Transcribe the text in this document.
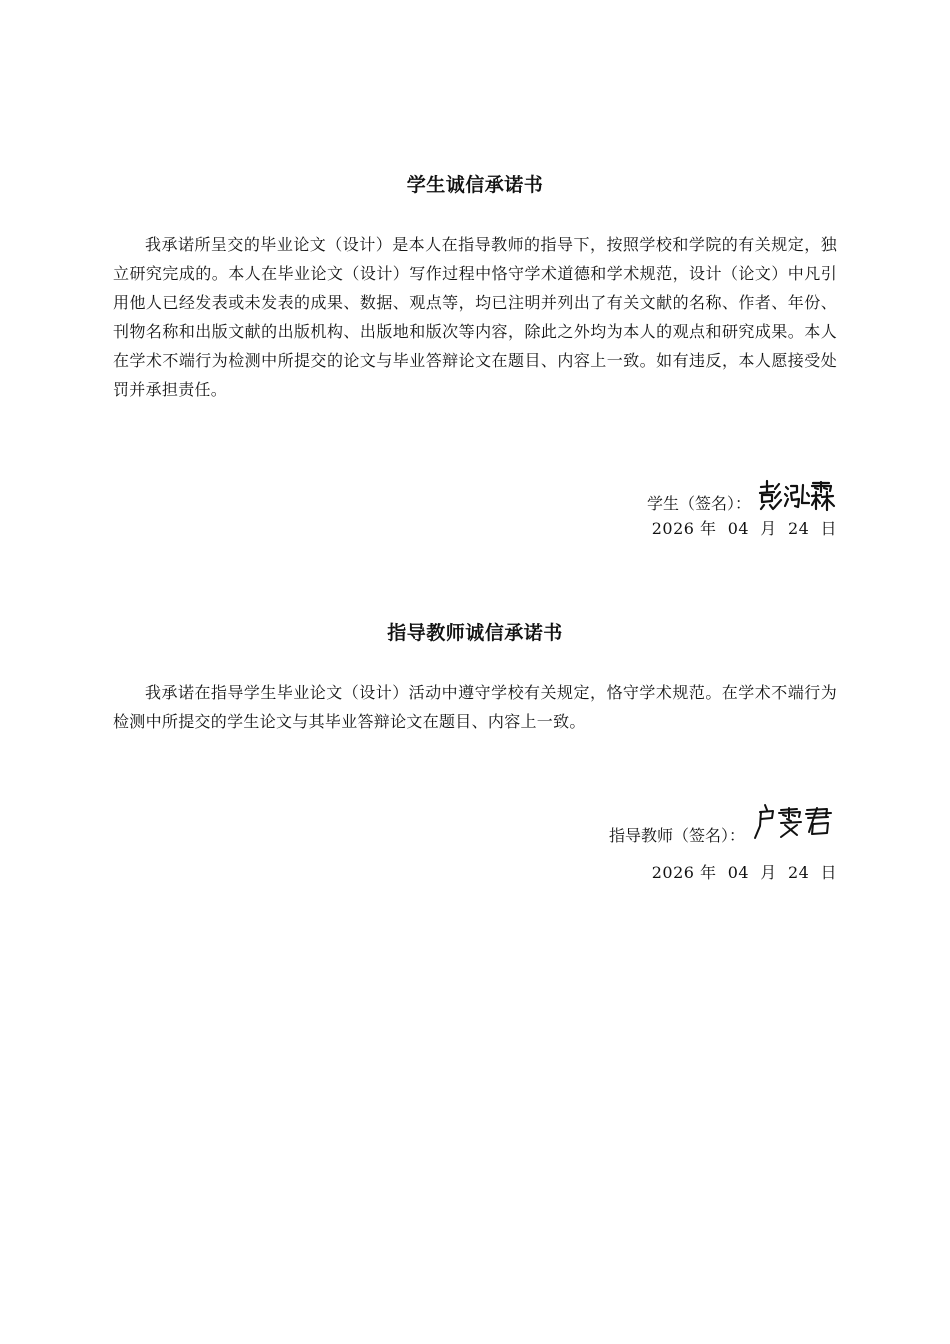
学生诚信承诺书
我承诺所呈交的毕业论文（设计）是本人在指导教师的指导下，按照学校和学院的有关规定，独立研究完成的。本人在毕业论文（设计）写作过程中恪守学术道德和学术规范，设计（论文）中凡引用他人已经发表或未发表的成果、数据、观点等，均已注明并列出了有关文献的名称、作者、年份、刊物名称和出版文献的出版机构、出版地和版次等内容，除此之外均为本人的观点和研究成果。本人在学术不端行为检测中所提交的论文与毕业答辩论文在题目、内容上一致。如有违反，本人愿接受处罚并承担责任。
学生（签名）：
2026 年 04 月 24 日
指导教师诚信承诺书
我承诺在指导学生毕业论文（设计）活动中遵守学校有关规定，恪守学术规范。在学术不端行为检测中所提交的学生论文与其毕业答辩论文在题目、内容上一致。
指导教师（签名）：
2026 年 04 月 24 日
